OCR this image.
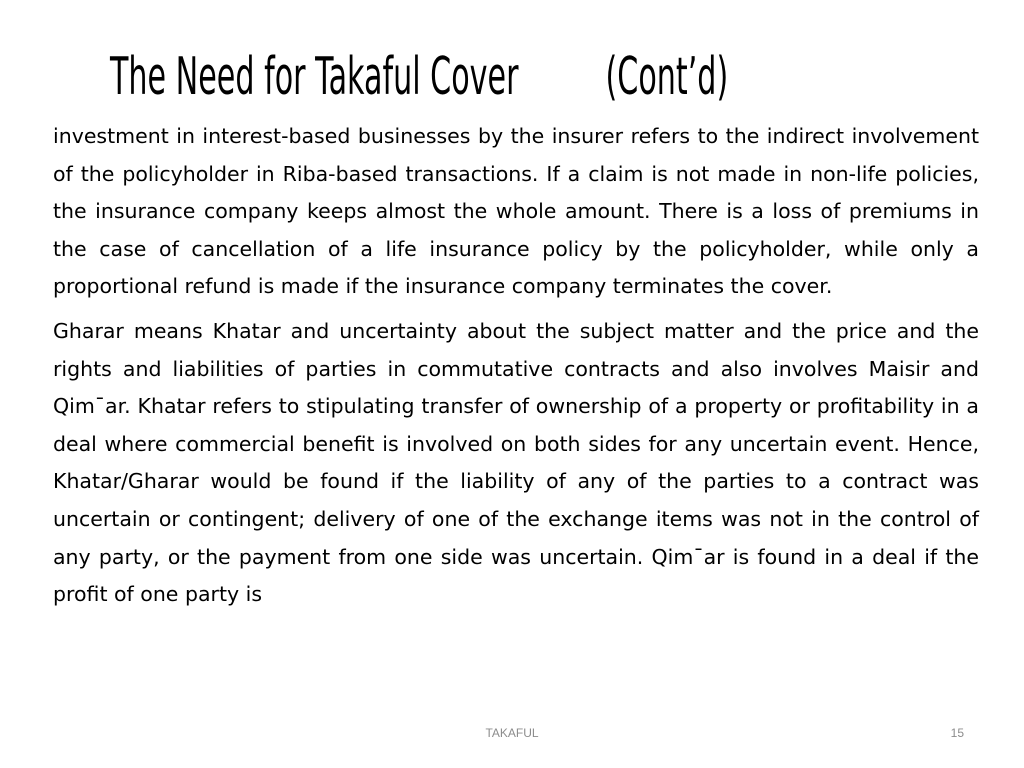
The Need for Takaful Cover (Cont’d)

investment in interest-based businesses by the insurer refers to the indirect involvement of the policyholder in Riba-based transactions. If a claim is not made in non-life policies, the insurance company keeps almost the whole amount. There is a loss of premiums in the case of cancellation of a life insurance policy by the policyholder, while only a proportional refund is made if the insurance company terminates the cover.

Gharar means Khatar and uncertainty about the subject matter and the price and the rights and liabilities of parties in commutative contracts and also involves Maisir and Qim¯ar. Khatar refers to stipulating transfer of ownership of a property or profitability in a deal where commercial benefit is involved on both sides for any uncertain event. Hence, Khatar/Gharar would be found if the liability of any of the parties to a contract was uncertain or contingent; delivery of one of the exchange items was not in the control of any party, or the payment from one side was uncertain. Qim¯ar is found in a deal if the profit of one party is

TAKAFUL	15
